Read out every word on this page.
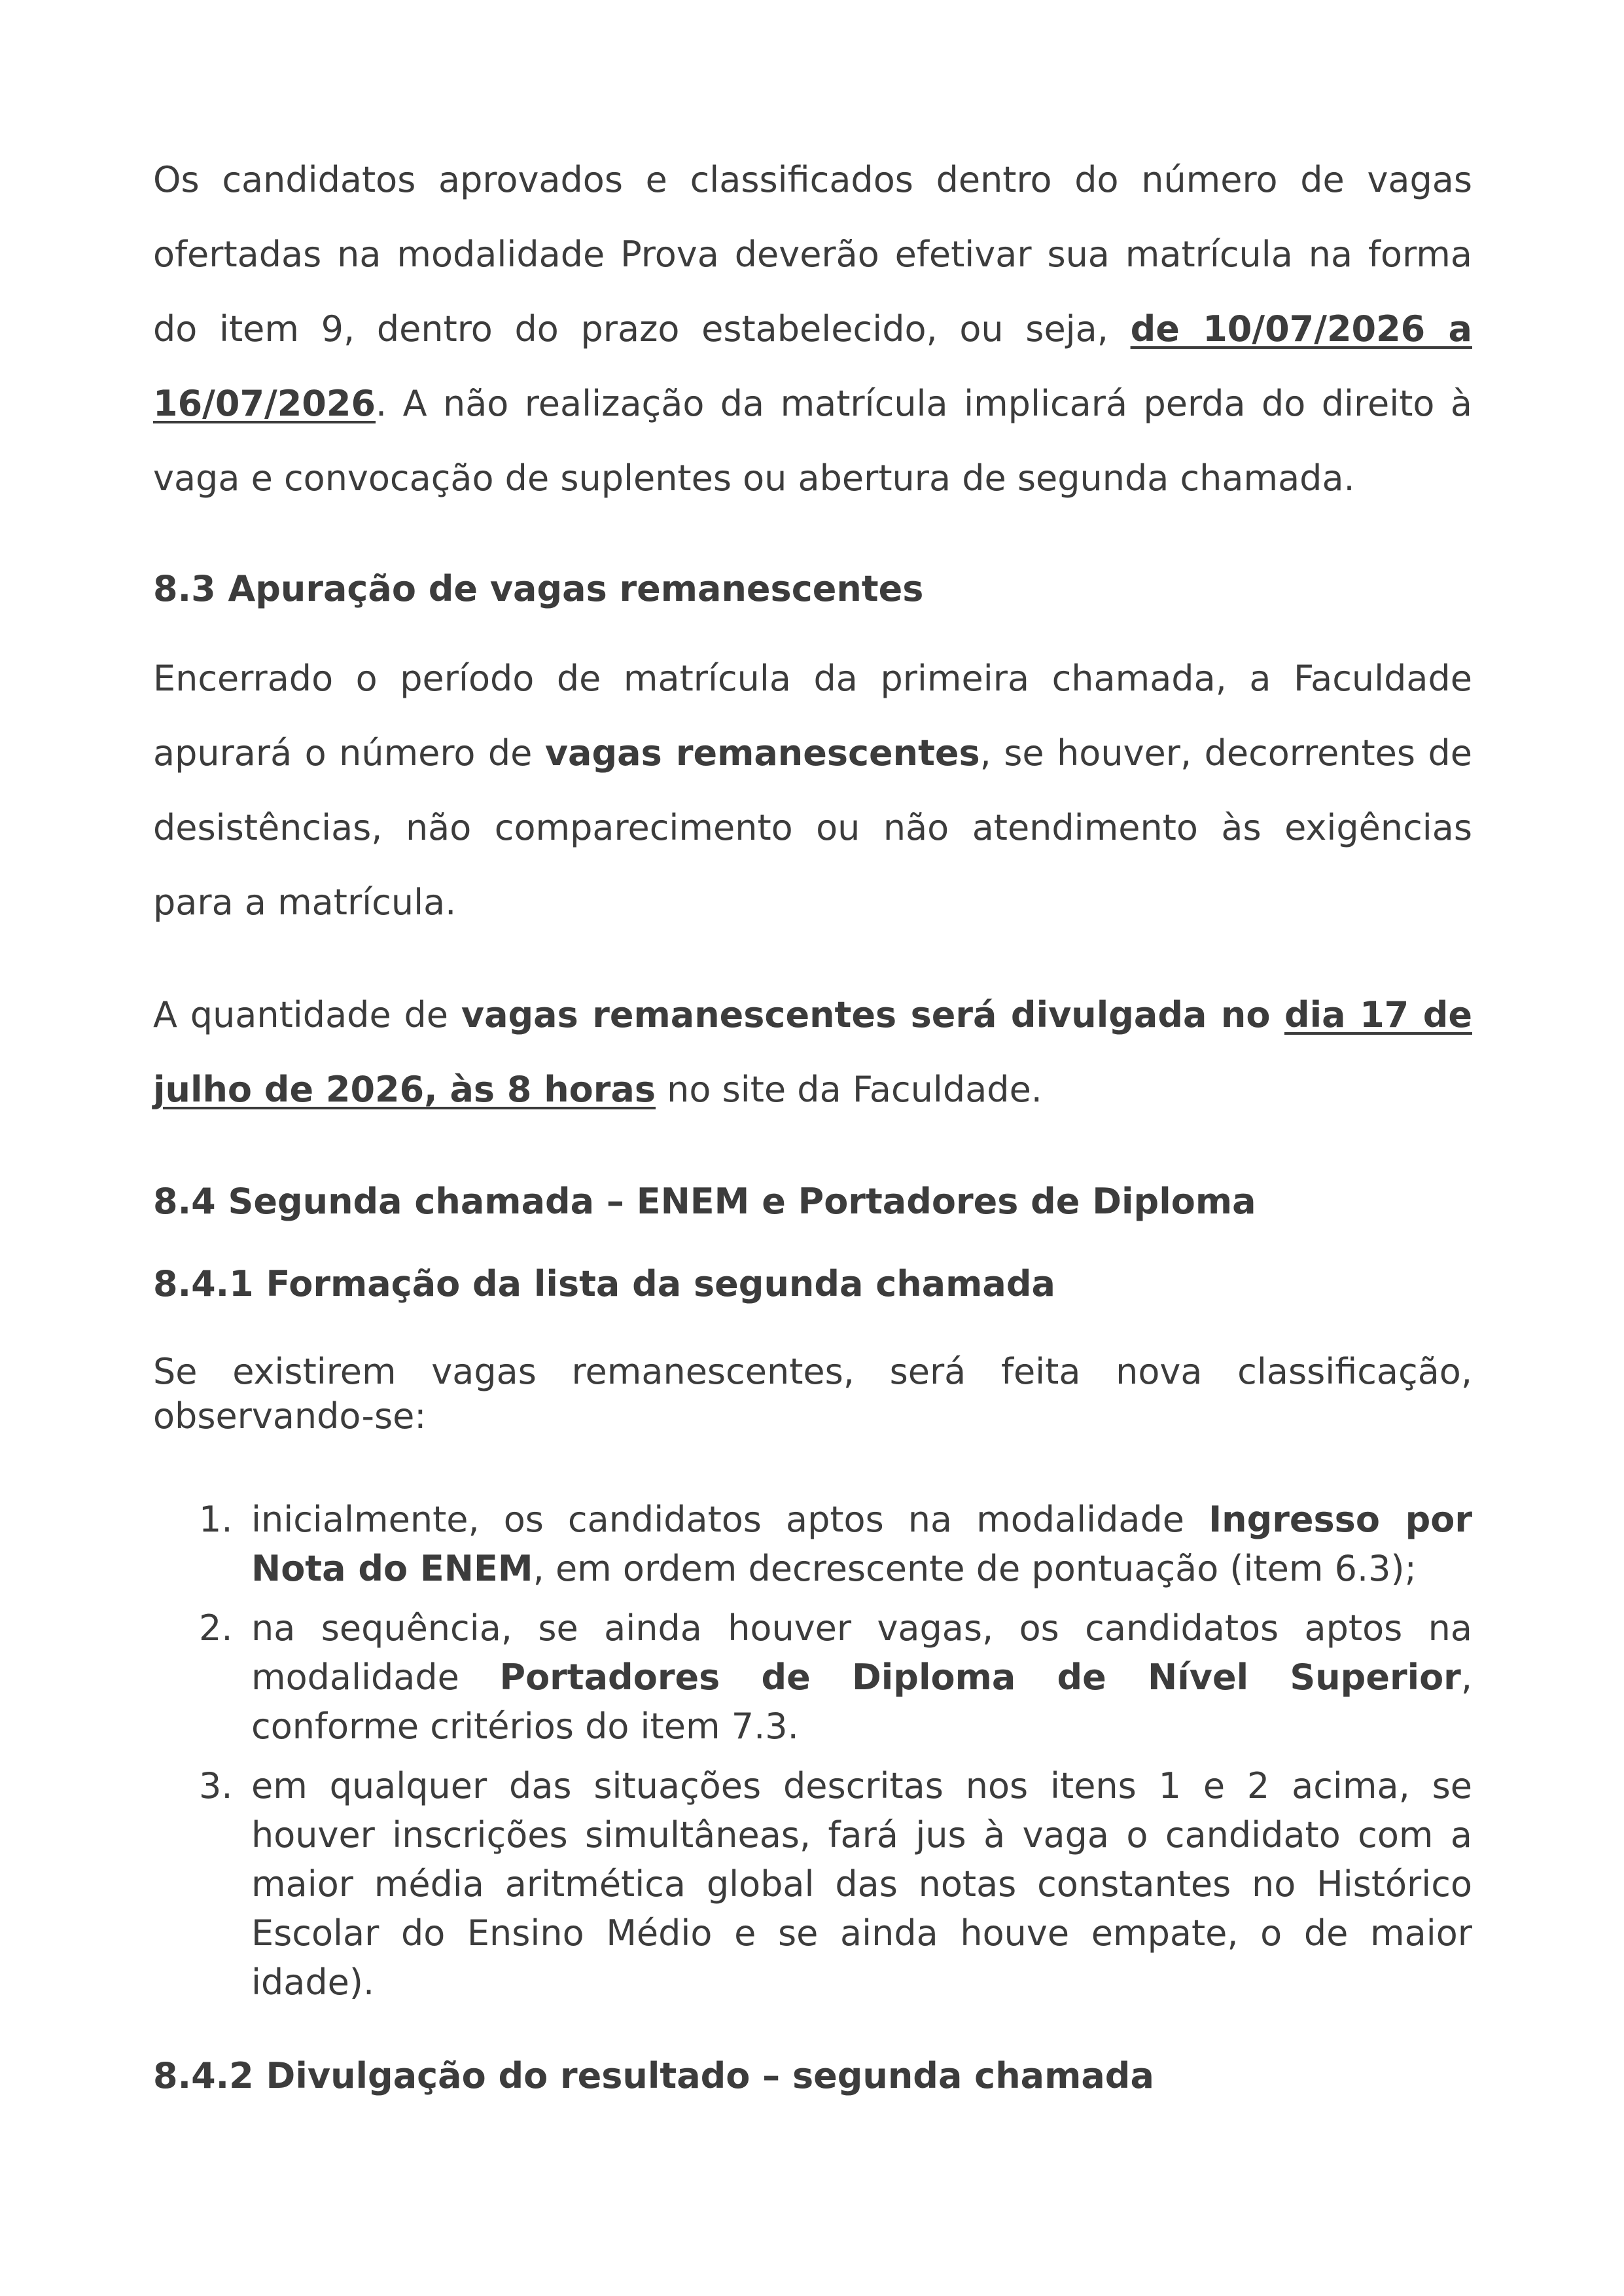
Os candidatos aprovados e classificados dentro do número de vagas ofertadas na modalidade Prova deverão efetivar sua matrícula na forma do item 9, dentro do prazo estabelecido, ou seja, de 10/07/2026 a 16/07/2026. A não realização da matrícula implicará perda do direito à vaga e convocação de suplentes ou abertura de segunda chamada.

8.3 Apuração de vagas remanescentes

Encerrado o período de matrícula da primeira chamada, a Faculdade apurará o número de vagas remanescentes, se houver, decorrentes de desistências, não comparecimento ou não atendimento às exigências para a matrícula.

A quantidade de vagas remanescentes será divulgada no dia 17 de julho de 2026, às 8 horas no site da Faculdade.

8.4 Segunda chamada – ENEM e Portadores de Diploma
8.4.1 Formação da lista da segunda chamada

Se existirem vagas remanescentes, será feita nova classificação, observando-se:

1. inicialmente, os candidatos aptos na modalidade Ingresso por Nota do ENEM, em ordem decrescente de pontuação (item 6.3);
2. na sequência, se ainda houver vagas, os candidatos aptos na modalidade Portadores de Diploma de Nível Superior, conforme critérios do item 7.3.
3. em qualquer das situações descritas nos itens 1 e 2 acima, se houver inscrições simultâneas, fará jus à vaga o candidato com a maior média aritmética global das notas constantes no Histórico Escolar do Ensino Médio e se ainda houve empate, o de maior idade).
8.4.2 Divulgação do resultado – segunda chamada
